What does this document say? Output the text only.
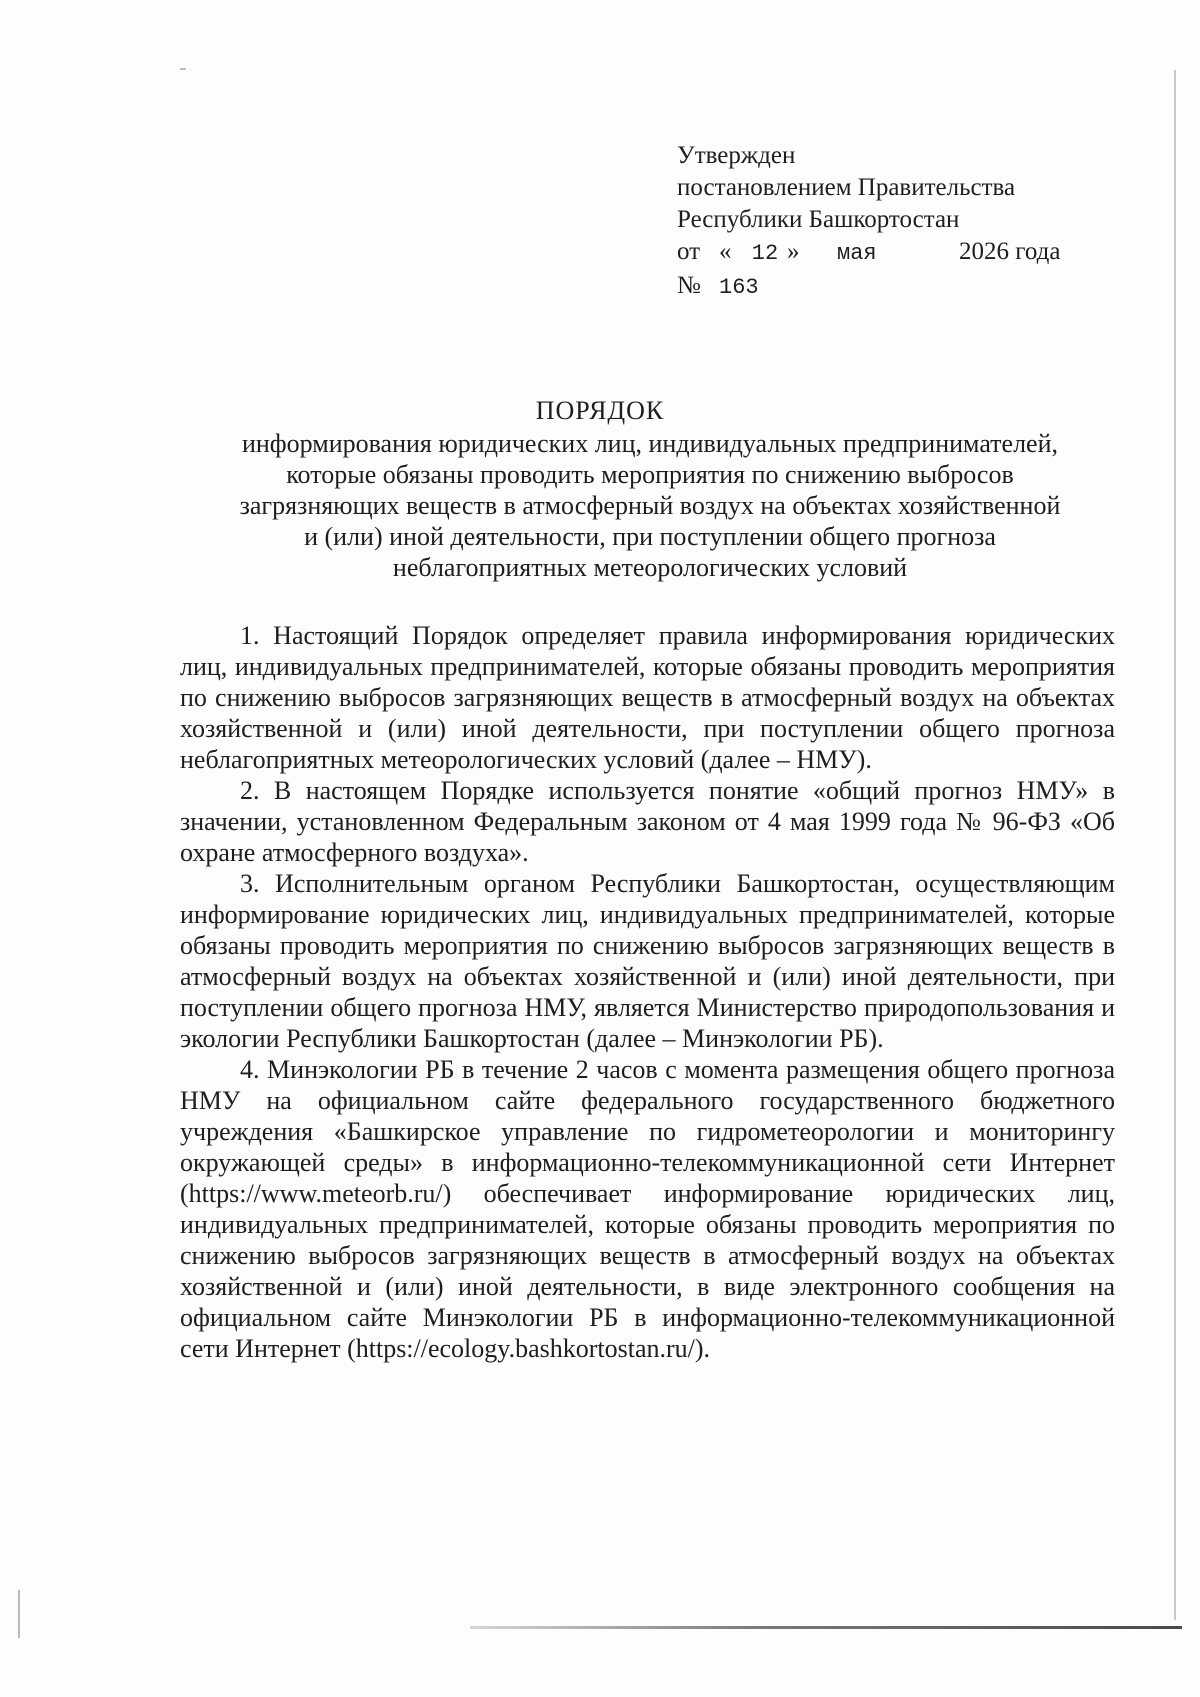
Утвержден
постановлением Правительства
Республики Башкортостан
от « 12 » мая	2026 года
№ 163
ПОРЯДОК
информирования юридических лиц, индивидуальных предпринимателей,
которые обязаны проводить мероприятия по снижению выбросов
загрязняющих веществ в атмосферный воздух на объектах хозяйственной
и (или) иной деятельности, при поступлении общего прогноза
неблагоприятных метеорологических условий

1. Настоящий Порядок определяет правила информирования юридических лиц, индивидуальных предпринимателей, которые обязаны проводить мероприятия по снижению выбросов загрязняющих веществ в атмосферный воздух на объектах хозяйственной и (или) иной деятельности, при поступлении общего прогноза неблагоприятных метеорологических условий (далее – НМУ).

2. В настоящем Порядке используется понятие «общий прогноз НМУ» в значении, установленном Федеральным законом от 4 мая 1999 года № 96-ФЗ «Об охране атмосферного воздуха».

3. Исполнительным органом Республики Башкортостан, осуществляющим информирование юридических лиц, индивидуальных предпринимателей, которые обязаны проводить мероприятия по снижению выбросов загрязняющих веществ в атмосферный воздух на объектах хозяйственной и (или) иной деятельности, при поступлении общего прогноза НМУ, является Министерство природопользования и экологии Республики Башкортостан (далее – Минэкологии РБ).

4. Минэкологии РБ в течение 2 часов с момента размещения общего прогноза НМУ на официальном сайте федерального государственного бюджетного учреждения «Башкирское управление по гидрометеорологии и мониторингу окружающей среды» в информационно-телекоммуникационной сети Интернет (https://www.meteorb.ru/) обеспечивает информирование юридических лиц, индивидуальных предпринимателей, которые обязаны проводить мероприятия по снижению выбросов загрязняющих веществ в атмосферный воздух на объектах хозяйственной и (или) иной деятельности, в виде электронного сообщения на официальном сайте Минэкологии РБ в информационно-телекоммуникационной сети Интернет (https://ecology.bashkortostan.ru/).
